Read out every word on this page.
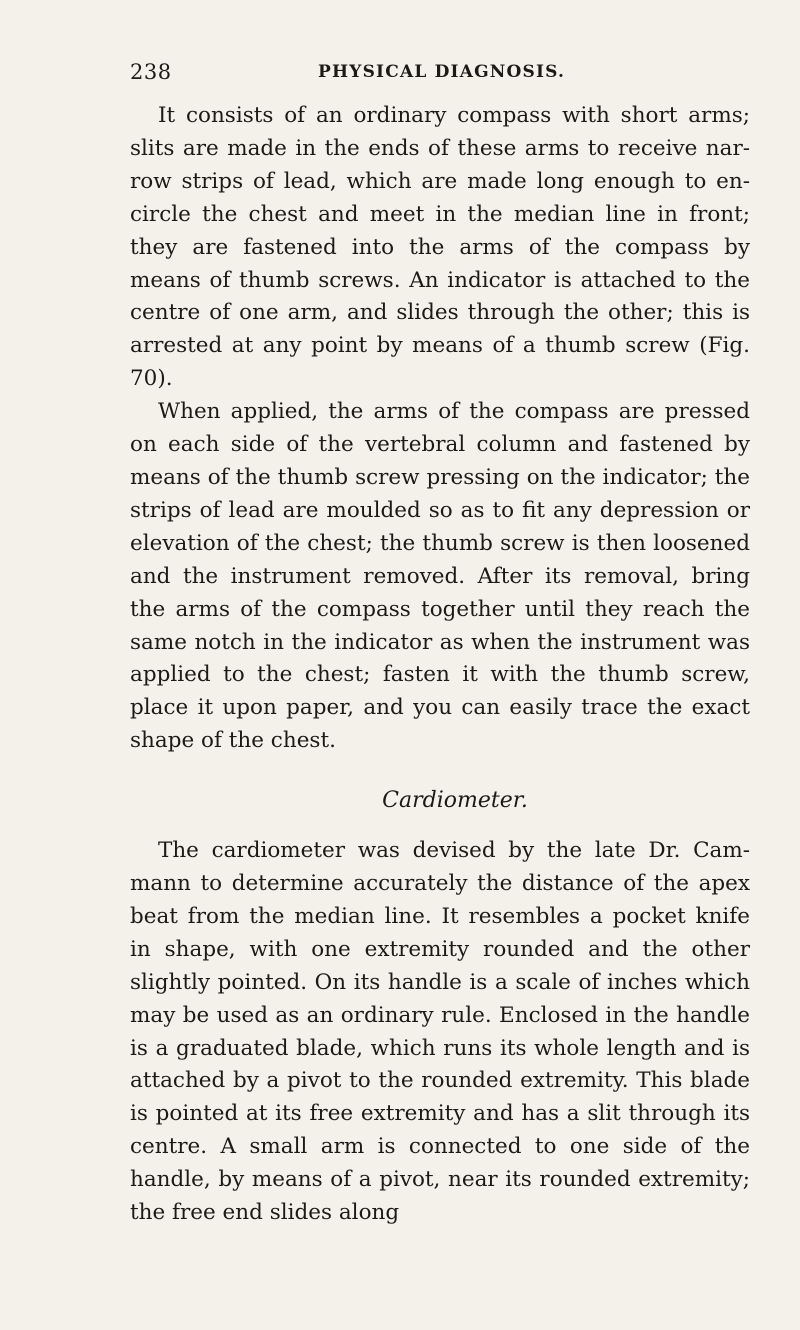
238	PHYSICAL DIAGNOSIS.

It consists of an ordinary compass with short arms; slits are made in the ends of these arms to receive narrow strips of lead, which are made long enough to encircle the chest and meet in the median line in front; they are fastened into the arms of the compass by means of thumb screws. An indicator is attached to the centre of one arm, and slides through the other; this is arrested at any point by means of a thumb screw (Fig. 70).

When applied, the arms of the compass are pressed on each side of the vertebral column and fastened by means of the thumb screw pressing on the indicator; the strips of lead are moulded so as to fit any depression or elevation of the chest; the thumb screw is then loosened and the instrument removed. After its removal, bring the arms of the compass together until they reach the same notch in the indicator as when the instrument was applied to the chest; fasten it with the thumb screw, place it upon paper, and you can easily trace the exact shape of the chest.

Cardiometer.

The cardiometer was devised by the late Dr. Cammann to determine accurately the distance of the apex beat from the median line. It resembles a pocket knife in shape, with one extremity rounded and the other slightly pointed. On its handle is a scale of inches which may be used as an ordinary rule. Enclosed in the handle is a graduated blade, which runs its whole length and is attached by a pivot to the rounded extremity. This blade is pointed at its free extremity and has a slit through its centre. A small arm is connected to one side of the handle, by means of a pivot, near its rounded extremity; the free end slides along
